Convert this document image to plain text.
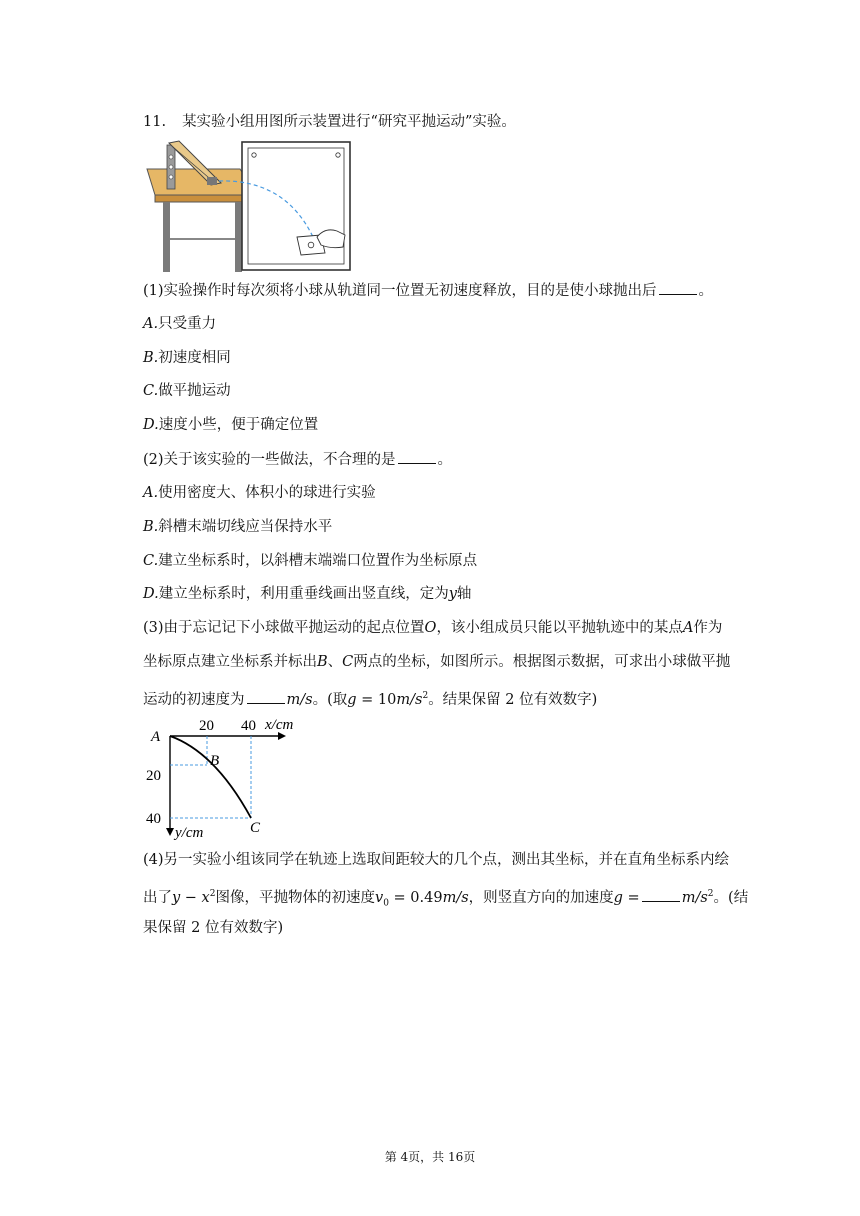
11. 某实验小组用图所示装置进行“研究平抛运动”实验。
(1)实验操作时每次须将小球从轨道同一位置无初速度释放，目的是使小球抛出后	。
A.只受重力
B.初速度相同
C.做平抛运动
D.速度小些，便于确定位置
(2)关于该实验的一些做法，不合理的是	。
A.使用密度大、体积小的球进行实验
B.斜槽末端切线应当保持水平
C.建立坐标系时，以斜槽末端端口位置作为坐标原点
D.建立坐标系时，利用重垂线画出竖直线，定为y轴
(3)由于忘记记下小球做平抛运动的起点位置O，该小组成员只能以平抛轨迹中的某点A作为
坐标原点建立坐标系并标出B、C两点的坐标，如图所示。根据图示数据，可求出小球做平抛
运动的初速度为	m/s。(取$g = 10m/s^2$。结果保留 2 位有效数字)
A
B
C
20 40 x/cm
20
40
y/cm
(4)另一实验小组该同学在轨迹上选取间距较大的几个点，测出其坐标，并在直角坐标系内绘
出了$y - x^2$图像，平抛物体的初速度$v_0 = 0.49m/s$，则竖直方向的加速度g =	$m/s^2$。(结
果保留 2 位有效数字)
第 4页，共 16页
